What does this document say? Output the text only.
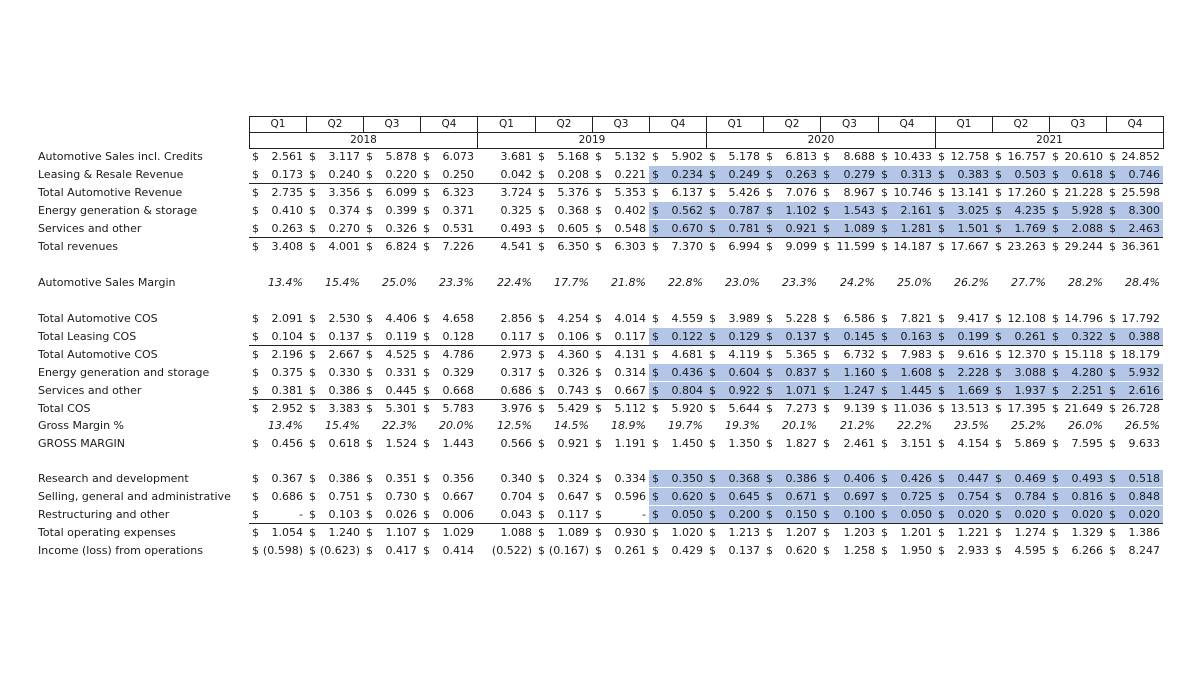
Q1	Q2	Q3	Q4	Q1	Q2	Q3	Q4	Q1	Q2	Q3	Q4	Q1	Q2	Q3	Q4
2018	2019	2020	2021
Automotive Sales incl. Credits	$ 2.561 $ 3.117 $ 5.878 $ 6.073 3.681 $ 5.168 $ 5.132 $ 5.902 $ 5.178 $ 6.813 $ 8.688 $ 10.433 $ 12.758 $ 16.757 $ 20.610 $ 24.852
Leasing & Resale Revenue	$ 0.173 $ 0.240 $ 0.220 $ 0.250 0.042 $ 0.208 $ 0.221 $ 0.234 $ 0.249 $ 0.263 $ 0.279 $ 0.313 $ 0.383 $ 0.503 $ 0.618 $ 0.746
Total Automotive Revenue	$ 2.735 $ 3.356 $ 6.099 $ 6.323 3.724 $ 5.376 $ 5.353 $ 6.137 $ 5.426 $ 7.076 $ 8.967 $ 10.746 $ 13.141 $ 17.260 $ 21.228 $ 25.598
Energy generation & storage	$ 0.410 $ 0.374 $ 0.399 $ 0.371 0.325 $ 0.368 $ 0.402 $ 0.562 $ 0.787 $ 1.102 $ 1.543 $ 2.161 $ 3.025 $ 4.235 $ 5.928 $ 8.300
Services and other	$ 0.263 $ 0.270 $ 0.326 $ 0.531 0.493 $ 0.605 $ 0.548 $ 0.670 $ 0.781 $ 0.921 $ 1.089 $ 1.281 $ 1.501 $ 1.769 $ 2.088 $ 2.463
Total revenues	$ 3.408 $ 4.001 $ 6.824 $ 7.226 4.541 $ 6.350 $ 6.303 $ 7.370 $ 6.994 $ 9.099 $ 11.599 $ 14.187 $ 17.667 $ 23.263 $ 29.244 $ 36.361
Automotive Sales Margin	13.4% 15.4% 25.0% 23.3% 22.4% 17.7% 21.8% 22.8% 23.0% 23.3% 24.2% 25.0% 26.2% 27.7% 28.2% 28.4%
Total Automotive COS	$ 2.091 $ 2.530 $ 4.406 $ 4.658 2.856 $ 4.254 $ 4.014 $ 4.559 $ 3.989 $ 5.228 $ 6.586 $ 7.821 $ 9.417 $ 12.108 $ 14.796 $ 17.792
Total Leasing COS	$ 0.104 $ 0.137 $ 0.119 $ 0.128 0.117 $ 0.106 $ 0.117 $ 0.122 $ 0.129 $ 0.137 $ 0.145 $ 0.163 $ 0.199 $ 0.261 $ 0.322 $ 0.388
Total Automotive COS	$ 2.196 $ 2.667 $ 4.525 $ 4.786 2.973 $ 4.360 $ 4.131 $ 4.681 $ 4.119 $ 5.365 $ 6.732 $ 7.983 $ 9.616 $ 12.370 $ 15.118 $ 18.179
Energy generation and storage	$ 0.375 $ 0.330 $ 0.331 $ 0.329 0.317 $ 0.326 $ 0.314 $ 0.436 $ 0.604 $ 0.837 $ 1.160 $ 1.608 $ 2.228 $ 3.088 $ 4.280 $ 5.932
Services and other	$ 0.381 $ 0.386 $ 0.445 $ 0.668 0.686 $ 0.743 $ 0.667 $ 0.804 $ 0.922 $ 1.071 $ 1.247 $ 1.445 $ 1.669 $ 1.937 $ 2.251 $ 2.616
Total COS	$ 2.952 $ 3.383 $ 5.301 $ 5.783 3.976 $ 5.429 $ 5.112 $ 5.920 $ 5.644 $ 7.273 $ 9.139 $ 11.036 $ 13.513 $ 17.395 $ 21.649 $ 26.728
Gross Margin %	13.4% 15.4% 22.3% 20.0% 12.5% 14.5% 18.9% 19.7% 19.3% 20.1% 21.2% 22.2% 23.5% 25.2% 26.0% 26.5%
GROSS MARGIN	$ 0.456 $ 0.618 $ 1.524 $ 1.443 0.566 $ 0.921 $ 1.191 $ 1.450 $ 1.350 $ 1.827 $ 2.461 $ 3.151 $ 4.154 $ 5.869 $ 7.595 $ 9.633
Research and development	$ 0.367 $ 0.386 $ 0.351 $ 0.356 0.340 $ 0.324 $ 0.334 $ 0.350 $ 0.368 $ 0.386 $ 0.406 $ 0.426 $ 0.447 $ 0.469 $ 0.493 $ 0.518
Selling, general and administrative $ 0.686 $ 0.751 $ 0.730 $ 0.667 0.704 $ 0.647 $ 0.596 $ 0.620 $ 0.645 $ 0.671 $ 0.697 $ 0.725 $ 0.754 $ 0.784 $ 0.816 $ 0.848
Restructuring and other	$	- $ 0.103 $ 0.026 $ 0.006 0.043 $ 0.117 $	- $ 0.050 $ 0.200 $ 0.150 $ 0.100 $ 0.050 $ 0.020 $ 0.020 $ 0.020 $ 0.020
Total operating expenses	$ 1.054 $ 1.240 $ 1.107 $ 1.029 1.088 $ 1.089 $ 0.930 $ 1.020 $ 1.213 $ 1.207 $ 1.203 $ 1.201 $ 1.221 $ 1.274 $ 1.329 $ 1.386
Income (loss) from operations	$ (0.598) $ (0.623) $ 0.417 $ 0.414 (0.522) $ (0.167) $ 0.261 $ 0.429 $ 0.137 $ 0.620 $ 1.258 $ 1.950 $ 2.933 $ 4.595 $ 6.266 $ 8.247
